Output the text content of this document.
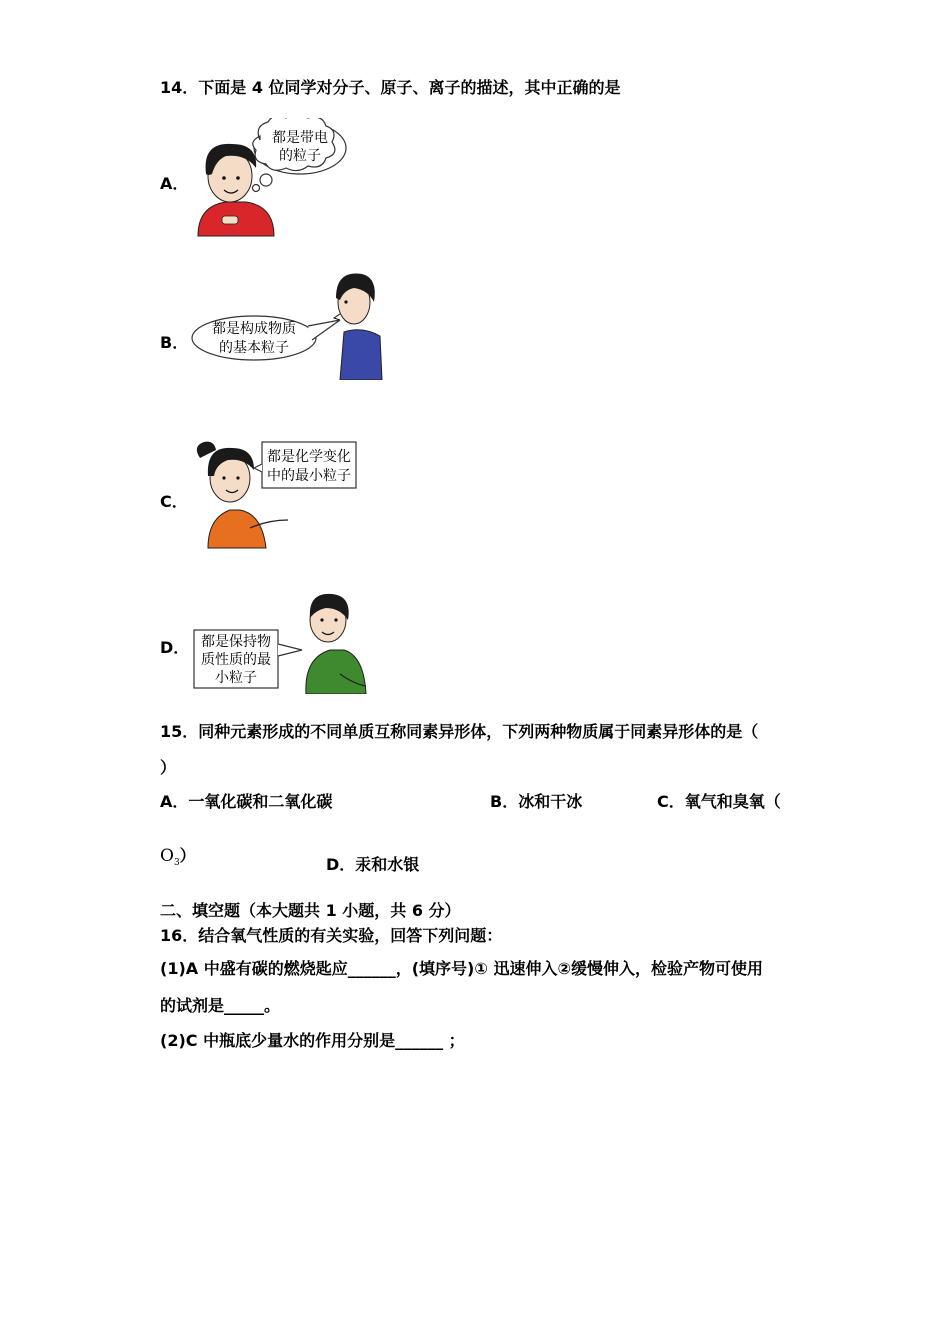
14．下面是 4 位同学对分子、原子、离子的描述，其中正确的是
A．
都是带电
的粒子
B．
都是构成物质
的基本粒子
C．
都是化学变化
中的最小粒子
D． 都是保持物
质性质的最
小粒子
15．同种元素形成的不同单质互称同素异形体，下列两种物质属于同素异形体的是（
）
A．一氧化碳和二氧化碳	B．冰和干冰	C．氧气和臭氧（
$O_3$）	D．汞和水银
二、填空题（本大题共 1 小题，共 6 分）
16．结合氧气性质的有关实验，回答下列问题：
(1)A 中盛有碳的燃烧匙应______，(填序号)① 迅速伸入②缓慢伸入，检验产物可使用
的试剂是_____。
(2)C 中瓶底少量水的作用分别是______ ；
